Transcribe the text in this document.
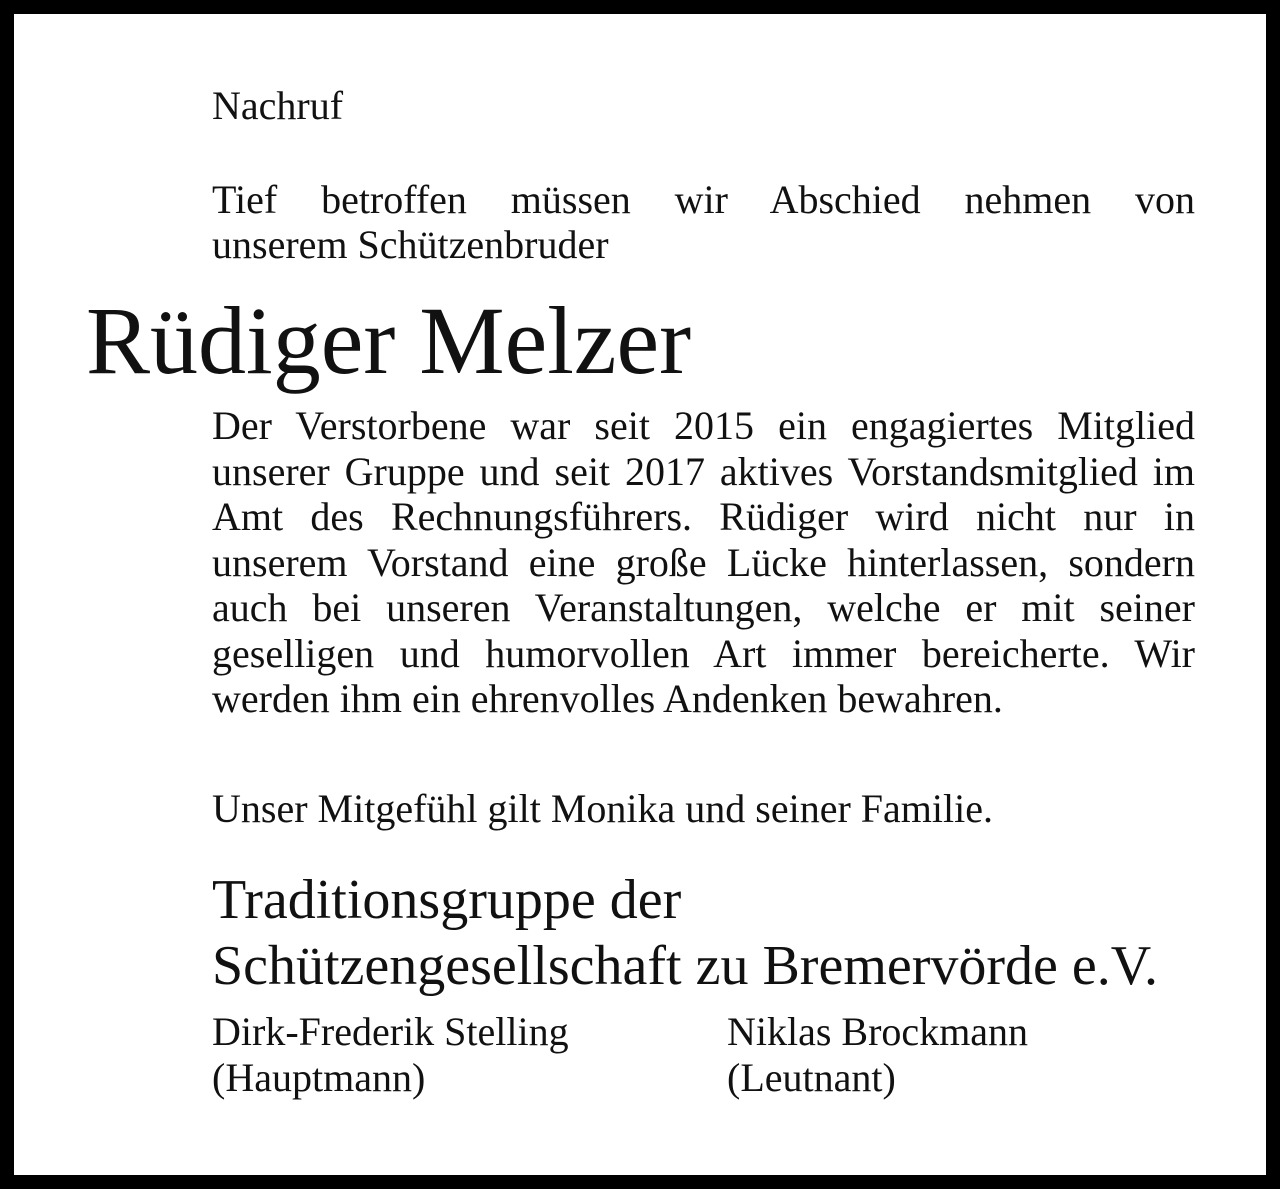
Nachruf

Tief betroffen müssen wir Abschied nehmen von
unserem Schützenbruder

Rüdiger Melzer

Der Verstorbene war seit 2015 ein engagiertes Mitglied unserer Gruppe und seit 2017 aktives Vorstandsmitglied im Amt des Rechnungsführers. Rüdiger wird nicht nur in unserem Vorstand eine große Lücke hinterlassen, sondern auch bei unseren Veranstaltungen, welche er mit seiner geselligen und humorvollen Art immer bereicherte. Wir werden ihm ein ehrenvolles Andenken bewahren.

Unser Mitgefühl gilt Monika und seiner Familie.

Traditionsgruppe der
Schützengesellschaft zu Bremervörde e.V.
Dirk-Frederik Stelling
(Hauptmann)
Niklas Brockmann
(Leutnant)
